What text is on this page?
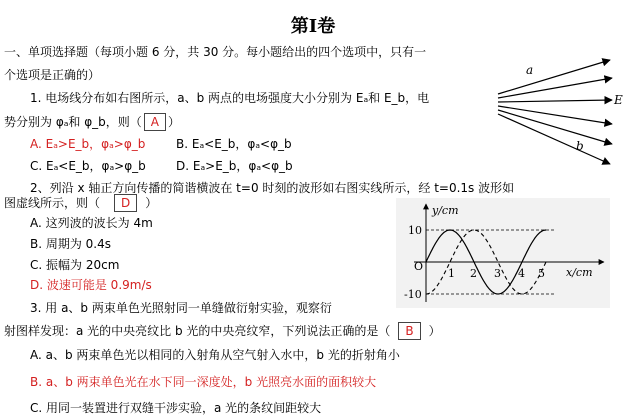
第Ⅰ卷
一、单项选择题（每项小题 6 分，共 30 分。每小题给出的四个选项中，只有一
个选项是正确的）
1. 电场线分布如右图所示，a、b 两点的电场强度大小分别为 Eₐ和 E_b，电
势分别为 φₐ和 φ_b，则（ A ）
A. Eₐ>E_b，φₐ>φ_b	B. Eₐ<E_b，φₐ<φ_b
C. Eₐ<E_b，φₐ>φ_b	D. Eₐ>E_b，φₐ<φ_b
a
E
b
2、列沿 x 轴正方向传播的简谐横波在 t=0 时刻的波形如右图实线所示，经 t=0.1s 波形如
图虚线所示，则（ D ）
A. 这列波的波长为 4m
B. 周期为 0.4s
C. 振幅为 20cm
D. 波速可能是 0.9m/s
y/cm
x/cm
O
10
-10
1 2 3 4 5
3. 用 a、b 两束单色光照射同一单缝做衍射实验，观察衍
射图样发现：a 光的中央亮纹比 b 光的中央亮纹窄，下列说法正确的是（ B ）
A. a、b 两束单色光以相同的入射角从空气射入水中，b 光的折射角小
B. a、b 两束单色光在水下同一深度处，b 光照亮水面的面积较大
C. 用同一装置进行双缝干涉实验，a 光的条纹间距较大
